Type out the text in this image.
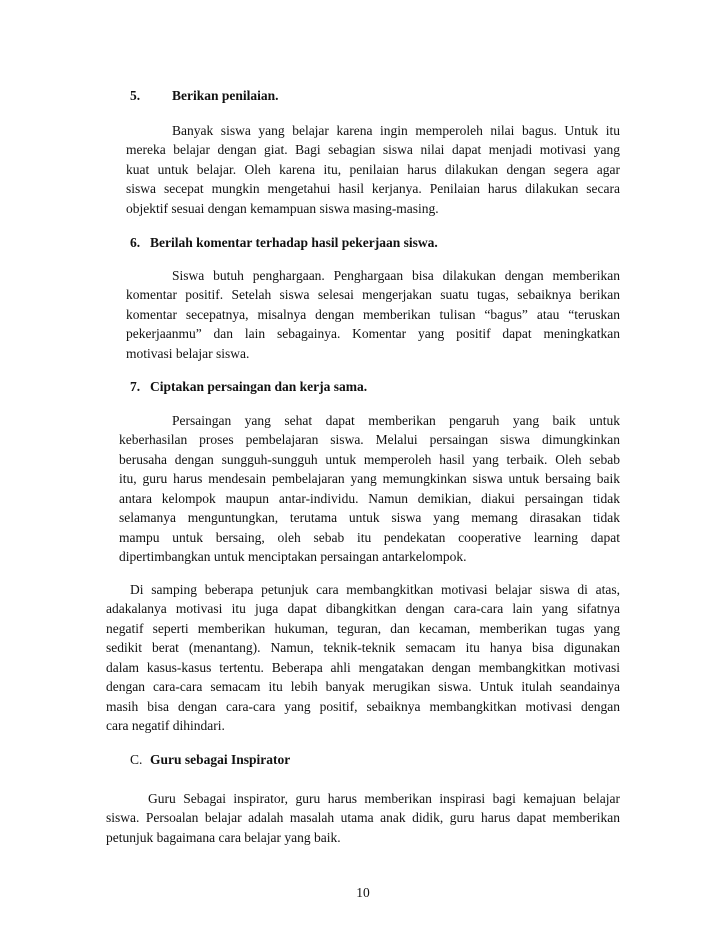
5. Berikan penilaian.
Banyak siswa yang belajar karena ingin memperoleh nilai bagus. Untuk itu
mereka belajar dengan giat. Bagi sebagian siswa nilai dapat menjadi motivasi yang
kuat untuk belajar. Oleh karena itu, penilaian harus dilakukan dengan segera agar
siswa secepat mungkin mengetahui hasil kerjanya. Penilaian harus dilakukan secara
objektif sesuai dengan kemampuan siswa masing-masing.
6. Berilah komentar terhadap hasil pekerjaan siswa.
Siswa butuh penghargaan. Penghargaan bisa dilakukan dengan memberikan
komentar positif. Setelah siswa selesai mengerjakan suatu tugas, sebaiknya berikan
komentar secepatnya, misalnya dengan memberikan tulisan “bagus” atau “teruskan
pekerjaanmu” dan lain sebagainya. Komentar yang positif dapat meningkatkan
motivasi belajar siswa.
7. Ciptakan persaingan dan kerja sama.
Persaingan yang sehat dapat memberikan pengaruh yang baik untuk
keberhasilan proses pembelajaran siswa. Melalui persaingan siswa dimungkinkan
berusaha dengan sungguh-sungguh untuk memperoleh hasil yang terbaik. Oleh sebab
itu, guru harus mendesain pembelajaran yang memungkinkan siswa untuk bersaing baik
antara kelompok maupun antar-individu. Namun demikian, diakui persaingan tidak
selamanya menguntungkan, terutama untuk siswa yang memang dirasakan tidak
mampu untuk bersaing, oleh sebab itu pendekatan cooperative learning dapat
dipertimbangkan untuk menciptakan persaingan antarkelompok.
Di samping beberapa petunjuk cara membangkitkan motivasi belajar siswa di atas,
adakalanya motivasi itu juga dapat dibangkitkan dengan cara-cara lain yang sifatnya
negatif seperti memberikan hukuman, teguran, dan kecaman, memberikan tugas yang
sedikit berat (menantang). Namun, teknik-teknik semacam itu hanya bisa digunakan
dalam kasus-kasus tertentu. Beberapa ahli mengatakan dengan membangkitkan motivasi
dengan cara-cara semacam itu lebih banyak merugikan siswa. Untuk itulah seandainya
masih bisa dengan cara-cara yang positif, sebaiknya membangkitkan motivasi dengan
cara negatif dihindari.
C. Guru sebagai Inspirator
Guru Sebagai inspirator, guru harus memberikan inspirasi bagi kemajuan belajar
siswa. Persoalan belajar adalah masalah utama anak didik, guru harus dapat memberikan
petunjuk bagaimana cara belajar yang baik.
10
